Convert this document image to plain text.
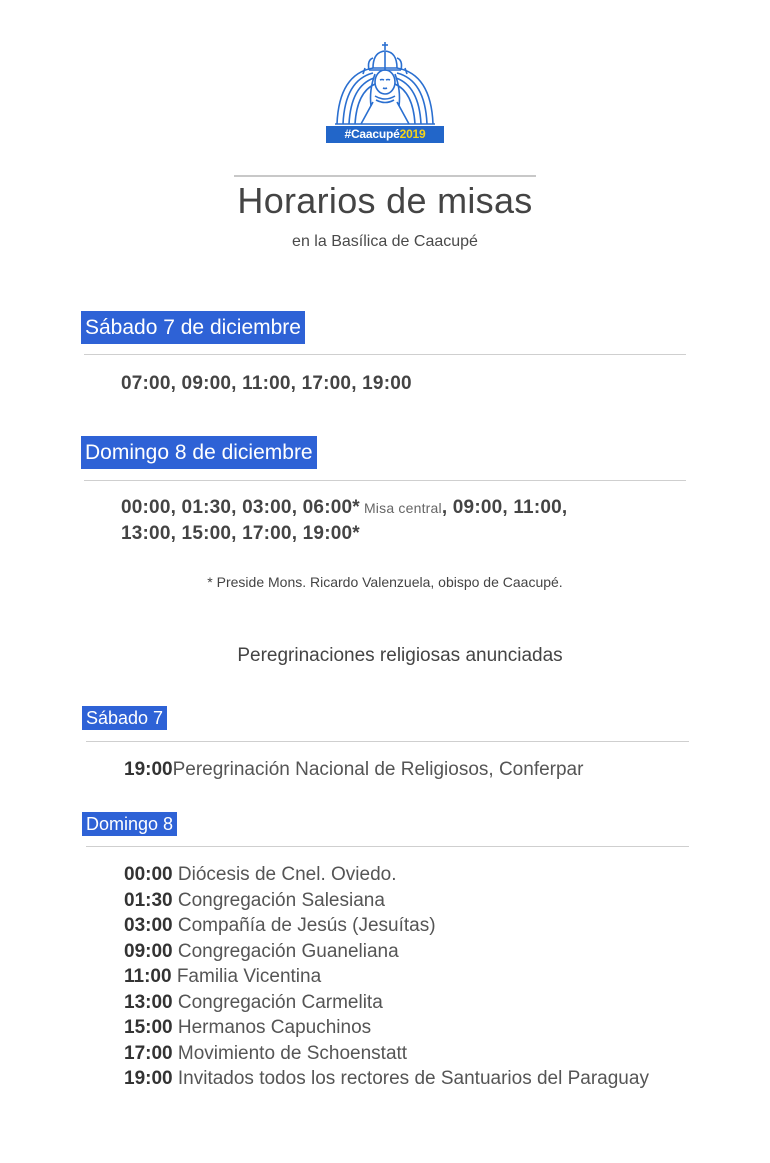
#Caacupé2019
Horarios de misas
en la Basílica de Caacupé
Sábado 7 de diciembre
07:00, 09:00, 11:00, 17:00, 19:00
Domingo 8 de diciembre
00:00, 01:30, 03:00, 06:00* Misa central, 09:00, 11:00,
13:00, 15:00, 17:00, 19:00*
* Preside Mons. Ricardo Valenzuela, obispo de Caacupé.
Peregrinaciones religiosas anunciadas
Sábado 7
19:00Peregrinación Nacional de Religiosos, Conferpar
Domingo 8
00:00 Diócesis de Cnel. Oviedo.
01:30 Congregación Salesiana
03:00 Compañía de Jesús (Jesuítas)
09:00 Congregación Guaneliana
11:00 Familia Vicentina
13:00 Congregación Carmelita
15:00 Hermanos Capuchinos
17:00 Movimiento de Schoenstatt
19:00 Invitados todos los rectores de Santuarios del Paraguay
